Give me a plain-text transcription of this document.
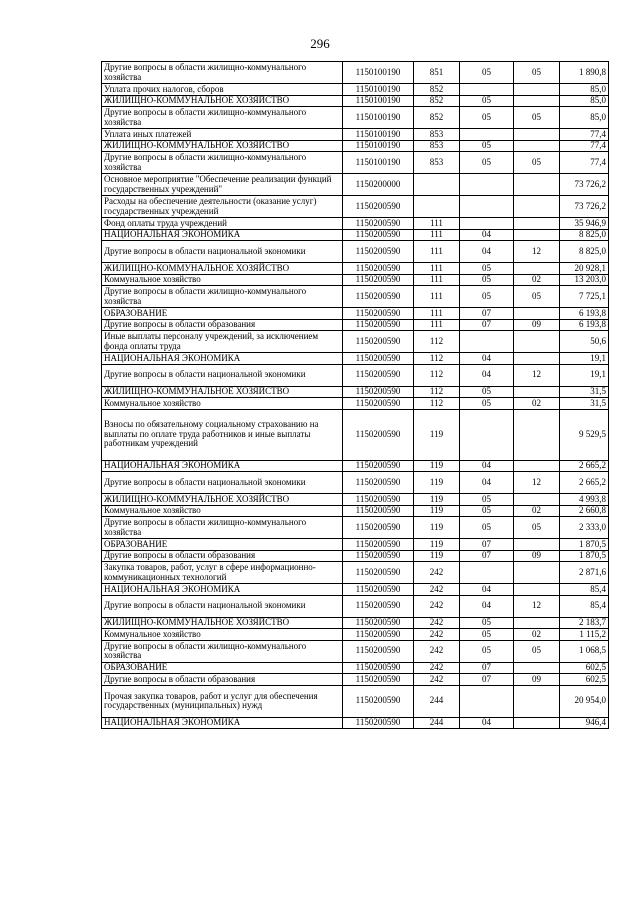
296
Другие вопросы в области жилищно-коммунального хозяйства	1150100190	851	05	05	1 890,8
Уплата прочих налогов, сборов	1150100190	852			85,0
ЖИЛИЩНО-КОММУНАЛЬНОЕ ХОЗЯЙСТВО	1150100190	852	05		85,0
Другие вопросы в области жилищно-коммунального хозяйства	1150100190	852	05	05	85,0
Уплата иных платежей	1150100190	853			77,4
ЖИЛИЩНО-КОММУНАЛЬНОЕ ХОЗЯЙСТВО	1150100190	853	05		77,4
Другие вопросы в области жилищно-коммунального хозяйства	1150100190	853	05	05	77,4
Основное мероприятие "Обеспечение реализации функций государственных учреждений"	1150200000				73 726,2
Расходы на обеспечение деятельности (оказание услуг) государственных учреждений	1150200590				73 726,2
Фонд оплаты труда учреждений	1150200590	111			35 946,9
НАЦИОНАЛЬНАЯ ЭКОНОМИКА	1150200590	111	04		8 825,0
Другие вопросы в области национальной экономики	1150200590	111	04	12	8 825,0
ЖИЛИЩНО-КОММУНАЛЬНОЕ ХОЗЯЙСТВО	1150200590	111	05		20 928,1
Коммунальное хозяйство	1150200590	111	05	02	13 203,0
Другие вопросы в области жилищно-коммунального хозяйства	1150200590	111	05	05	7 725,1
ОБРАЗОВАНИЕ	1150200590	111	07		6 193,8
Другие вопросы в области образования	1150200590	111	07	09	6 193,8
Иные выплаты персоналу учреждений, за исключением фонда оплаты труда	1150200590	112			50,6
НАЦИОНАЛЬНАЯ ЭКОНОМИКА	1150200590	112	04		19,1
Другие вопросы в области национальной экономики	1150200590	112	04	12	19,1
ЖИЛИЩНО-КОММУНАЛЬНОЕ ХОЗЯЙСТВО	1150200590	112	05		31,5
Коммунальное хозяйство	1150200590	112	05	02	31,5
Взносы по обязательному социальному страхованию на выплаты по оплате труда работников и иные выплаты работникам учреждений	1150200590	119			9 529,5
НАЦИОНАЛЬНАЯ ЭКОНОМИКА	1150200590	119	04		2 665,2
Другие вопросы в области национальной экономики	1150200590	119	04	12	2 665,2
ЖИЛИЩНО-КОММУНАЛЬНОЕ ХОЗЯЙСТВО	1150200590	119	05		4 993,8
Коммунальное хозяйство	1150200590	119	05	02	2 660,8
Другие вопросы в области жилищно-коммунального хозяйства	1150200590	119	05	05	2 333,0
ОБРАЗОВАНИЕ	1150200590	119	07		1 870,5
Другие вопросы в области образования	1150200590	119	07	09	1 870,5
Закупка товаров, работ, услуг в сфере информационно-коммуникационных технологий	1150200590	242			2 871,6
НАЦИОНАЛЬНАЯ ЭКОНОМИКА	1150200590	242	04		85,4
Другие вопросы в области национальной экономики	1150200590	242	04	12	85,4
ЖИЛИЩНО-КОММУНАЛЬНОЕ ХОЗЯЙСТВО	1150200590	242	05		2 183,7
Коммунальное хозяйство	1150200590	242	05	02	1 115,2
Другие вопросы в области жилищно-коммунального хозяйства	1150200590	242	05	05	1 068,5
ОБРАЗОВАНИЕ	1150200590	242	07		602,5
Другие вопросы в области образования	1150200590	242	07	09	602,5
Прочая закупка товаров, работ и услуг для обеспечения государственных (муниципальных) нужд	1150200590	244			20 954,0
НАЦИОНАЛЬНАЯ ЭКОНОМИКА	1150200590	244	04		946,4
